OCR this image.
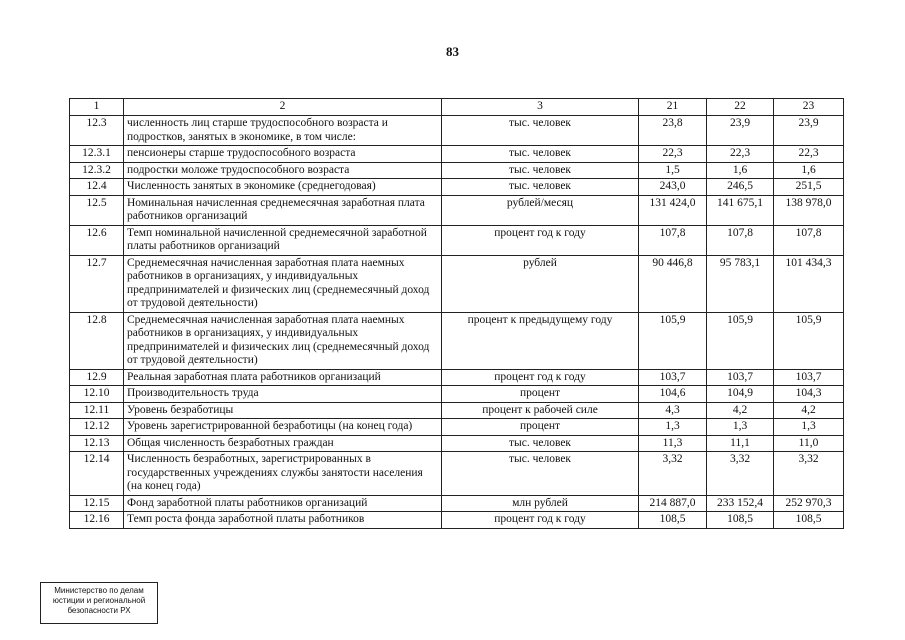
83
1	2	3	21	22	23
12.3	численность лиц старше трудоспособного возраста и подростков, занятых в экономике, в том числе:	тыс. человек	23,8	23,9	23,9
12.3.1	пенсионеры старше трудоспособного возраста	тыс. человек	22,3	22,3	22,3
12.3.2	подростки моложе трудоспособного возраста	тыс. человек	1,5	1,6	1,6
12.4	Численность занятых в экономике (среднегодовая)	тыс. человек	243,0	246,5	251,5
12.5	Номинальная начисленная среднемесячная заработная плата работников организаций	рублей/месяц	131 424,0	141 675,1	138 978,0
12.6	Темп номинальной начисленной среднемесячной заработной платы работников организаций	процент год к году	107,8	107,8	107,8
12.7	Среднемесячная начисленная заработная плата наемных работников в организациях, у индивидуальных предпринимателей и физических лиц (среднемесячный доход от трудовой деятельности)	рублей	90 446,8	95 783,1	101 434,3
12.8	Среднемесячная начисленная заработная плата наемных работников в организациях, у индивидуальных предпринимателей и физических лиц (среднемесячный доход от трудовой деятельности)	процент к предыдущему году	105,9	105,9	105,9
12.9	Реальная заработная плата работников организаций	процент год к году	103,7	103,7	103,7
12.10	Производительность труда	процент	104,6	104,9	104,3
12.11	Уровень безработицы	процент к рабочей силе	4,3	4,2	4,2
12.12	Уровень зарегистрированной безработицы (на конец года)	процент	1,3	1,3	1,3
12.13	Общая численность безработных граждан	тыс. человек	11,3	11,1	11,0
12.14	Численность безработных, зарегистрированных в государственных учреждениях службы занятости населения (на конец года)	тыс. человек	3,32	3,32	3,32
12.15	Фонд заработной платы работников организаций	млн рублей	214 887,0	233 152,4	252 970,3
12.16	Темп роста фонда заработной платы работников	процент год к году	108,5	108,5	108,5
Министерство по делам
юстиции и региональной
безопасности РХ
